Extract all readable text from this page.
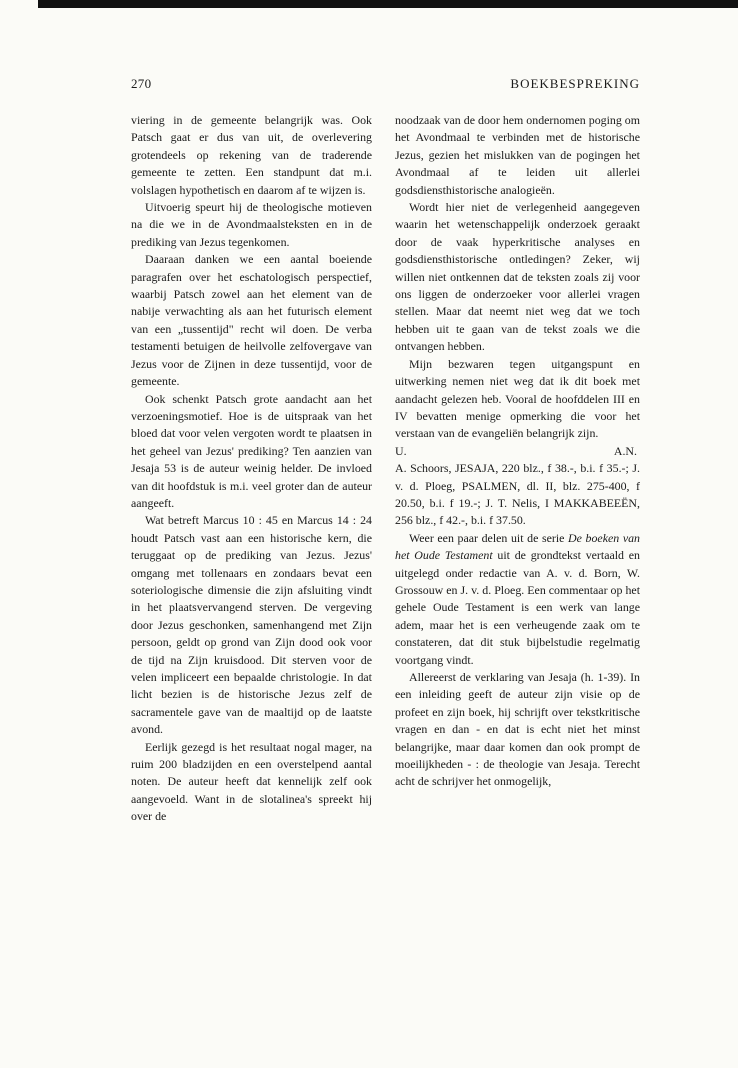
270	BOEKBESPREKING

viering in de gemeente belangrijk was. Ook Patsch gaat er dus van uit, de overlevering grotendeels op rekening van de traderende gemeente te zetten. Een standpunt dat m.i. volslagen hypothetisch en daarom af te wijzen is.

Uitvoerig speurt hij de theologische motieven na die we in de Avondmaalsteksten en in de prediking van Jezus tegenkomen.

Daaraan danken we een aantal boeiende paragrafen over het eschatologisch perspectief, waarbij Patsch zowel aan het element van de nabije verwachting als aan het futurisch element van een „tussentijd" recht wil doen. De verba testamenti betuigen de heilvolle zelfovergave van Jezus voor de Zijnen in deze tussentijd, voor de gemeente.

Ook schenkt Patsch grote aandacht aan het verzoeningsmotief. Hoe is de uitspraak van het bloed dat voor velen vergoten wordt te plaatsen in het geheel van Jezus' prediking? Ten aanzien van Jesaja 53 is de auteur weinig helder. De invloed van dit hoofdstuk is m.i. veel groter dan de auteur aangeeft.

Wat betreft Marcus 10 : 45 en Marcus 14 : 24 houdt Patsch vast aan een historische kern, die teruggaat op de prediking van Jezus. Jezus' omgang met tollenaars en zondaars bevat een soteriologische dimensie die zijn afsluiting vindt in het plaatsvervangend sterven. De vergeving door Jezus geschonken, samenhangend met Zijn persoon, geldt op grond van Zijn dood ook voor de tijd na Zijn kruisdood. Dit sterven voor de velen impliceert een bepaalde christologie. In dat licht bezien is de historische Jezus zelf de sacramentele gave van de maaltijd op de laatste avond.

Eerlijk gezegd is het resultaat nogal mager, na ruim 200 bladzijden en een overstelpend aantal noten. De auteur heeft dat kennelijk zelf ook aangevoeld. Want in de slotalinea's spreekt hij over de

noodzaak van de door hem ondernomen poging om het Avondmaal te verbinden met de historische Jezus, gezien het mislukken van de pogingen het Avondmaal af te leiden uit allerlei godsdiensthistorische analogieën.

Wordt hier niet de verlegenheid aangegeven waarin het wetenschappelijk onderzoek geraakt door de vaak hyperkritische analyses en godsdiensthistorische ontledingen? Zeker, wij willen niet ontkennen dat de teksten zoals zij voor ons liggen de onderzoeker voor allerlei vragen stellen. Maar dat neemt niet weg dat we toch hebben uit te gaan van de tekst zoals we die ontvangen hebben.

Mijn bezwaren tegen uitgangspunt en uitwerking nemen niet weg dat ik dit boek met aandacht gelezen heb. Vooral de hoofddelen III en IV bevatten menige opmerking die voor het verstaan van de evangeliën belangrijk zijn.

U.	A.N.

A. Schoors, JESAJA, 220 blz., f 38.-, b.i. f 35.-; J. v. d. Ploeg, PSALMEN, dl. II, blz. 275-400, f 20.50, b.i. f 19.-; J. T. Nelis, I MAKKABEEËN, 256 blz., f 42.-, b.i. f 37.50.

Weer een paar delen uit de serie De boeken van het Oude Testament uit de grondtekst vertaald en uitgelegd onder redactie van A. v. d. Born, W. Grossouw en J. v. d. Ploeg. Een commentaar op het gehele Oude Testament is een werk van lange adem, maar het is een verheugende zaak om te constateren, dat dit stuk bijbelstudie regelmatig voortgang vindt.

Allereerst de verklaring van Jesaja (h. 1-39). In een inleiding geeft de auteur zijn visie op de profeet en zijn boek, hij schrijft over tekstkritische vragen en dan - en dat is echt niet het minst belangrijke, maar daar komen dan ook prompt de moeilijkheden - : de theologie van Jesaja. Terecht acht de schrijver het onmogelijk,
